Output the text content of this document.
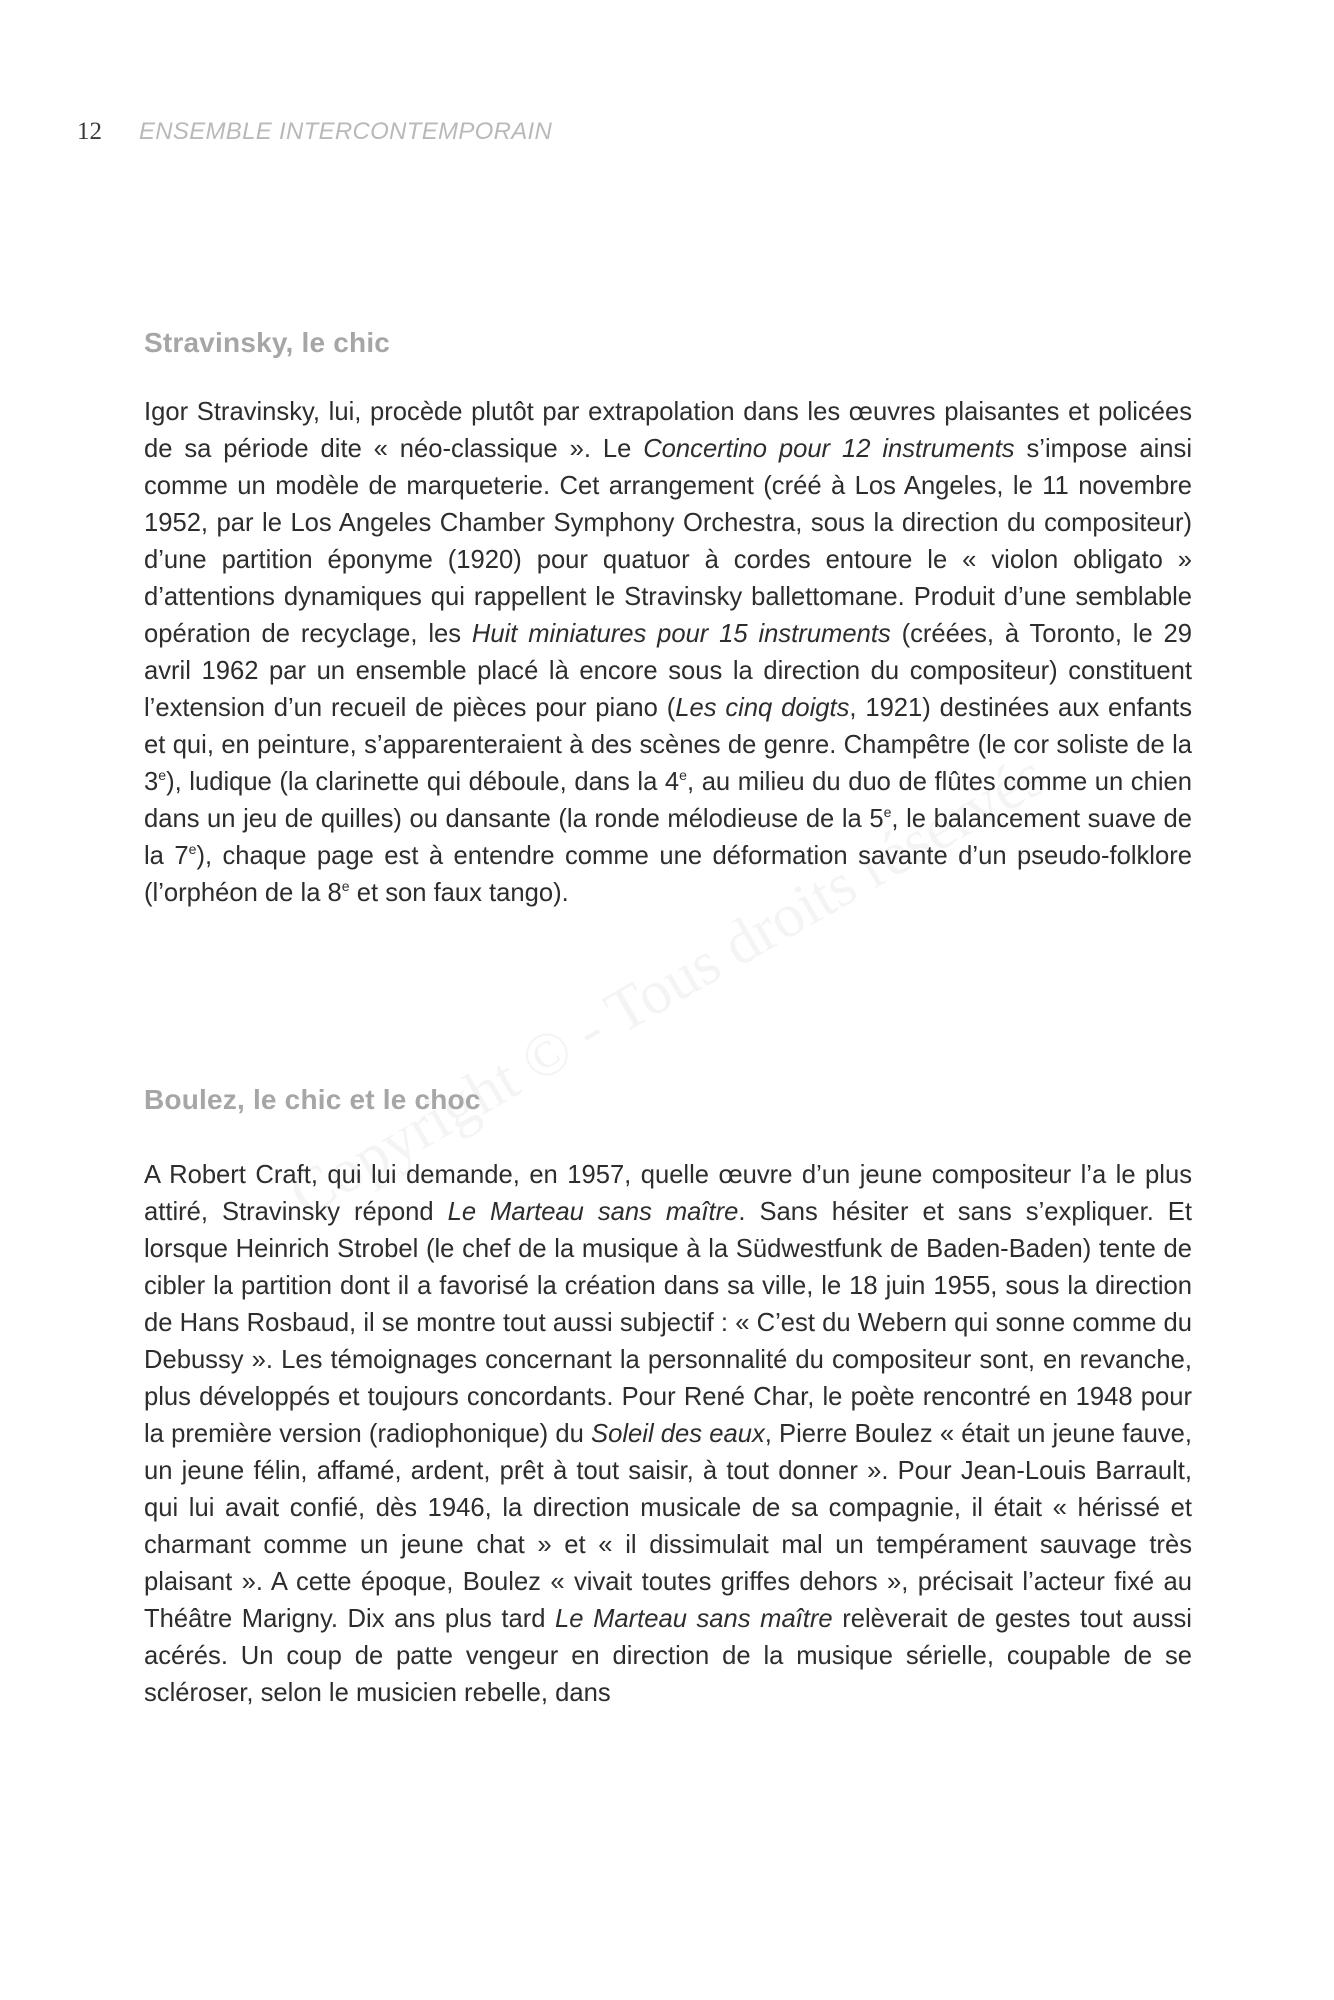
12 ENSEMBLE INTERCONTEMPORAIN
Stravinsky, le chic

Igor Stravinsky, lui, procède plutôt par extrapolation dans les œuvres plaisantes et policées de sa période dite « néo-classique ». Le Concertino pour 12 instruments s’impose ainsi comme un modèle de marqueterie. Cet arrangement (créé à Los Angeles, le 11 novembre 1952, par le Los Angeles Chamber Symphony Orchestra, sous la direction du compositeur) d’une partition éponyme (1920) pour quatuor à cordes entoure le « violon obligato » d’attentions dynamiques qui rappellent le Stravinsky ballettomane. Produit d’une semblable opération de recyclage, les Huit miniatures pour 15 instruments (créées, à Toronto, le 29 avril 1962 par un ensemble placé là encore sous la direction du compositeur) constituent l’extension d’un recueil de pièces pour piano (Les cinq doigts, 1921) destinées aux enfants et qui, en peinture, s’apparenteraient à des scènes de genre. Champêtre (le cor soliste de la 3e), ludique (la clarinette qui déboule, dans la 4e, au milieu du duo de flûtes comme un chien dans un jeu de quilles) ou dansante (la ronde mélodieuse de la 5e, le balancement suave de la 7e), chaque page est à entendre comme une déformation savante d’un pseudo-folklore (l’orphéon de la 8e et son faux tango).

Boulez, le chic et le choc

A Robert Craft, qui lui demande, en 1957, quelle œuvre d’un jeune compositeur l’a le plus attiré, Stravinsky répond Le Marteau sans maître. Sans hésiter et sans s’expliquer. Et lorsque Heinrich Strobel (le chef de la musique à la Südwestfunk de Baden-Baden) tente de cibler la partition dont il a favorisé la création dans sa ville, le 18 juin 1955, sous la direction de Hans Rosbaud, il se montre tout aussi subjectif : « C’est du Webern qui sonne comme du Debussy ». Les témoignages concernant la personnalité du compositeur sont, en revanche, plus développés et toujours concordants. Pour René Char, le poète rencontré en 1948 pour la première version (radiophonique) du Soleil des eaux, Pierre Boulez « était un jeune fauve, un jeune félin, affamé, ardent, prêt à tout saisir, à tout donner ». Pour Jean-Louis Barrault, qui lui avait confié, dès 1946, la direction musicale de sa compagnie, il était « hérissé et charmant comme un jeune chat » et « il dissimulait mal un tempérament sauvage très plaisant ». A cette époque, Boulez « vivait toutes griffes dehors », précisait l’acteur fixé au Théâtre Marigny. Dix ans plus tard Le Marteau sans maître relèverait de gestes tout aussi acérés. Un coup de patte vengeur en direction de la musique sérielle, coupable de se scléroser, selon le musicien rebelle, dans
